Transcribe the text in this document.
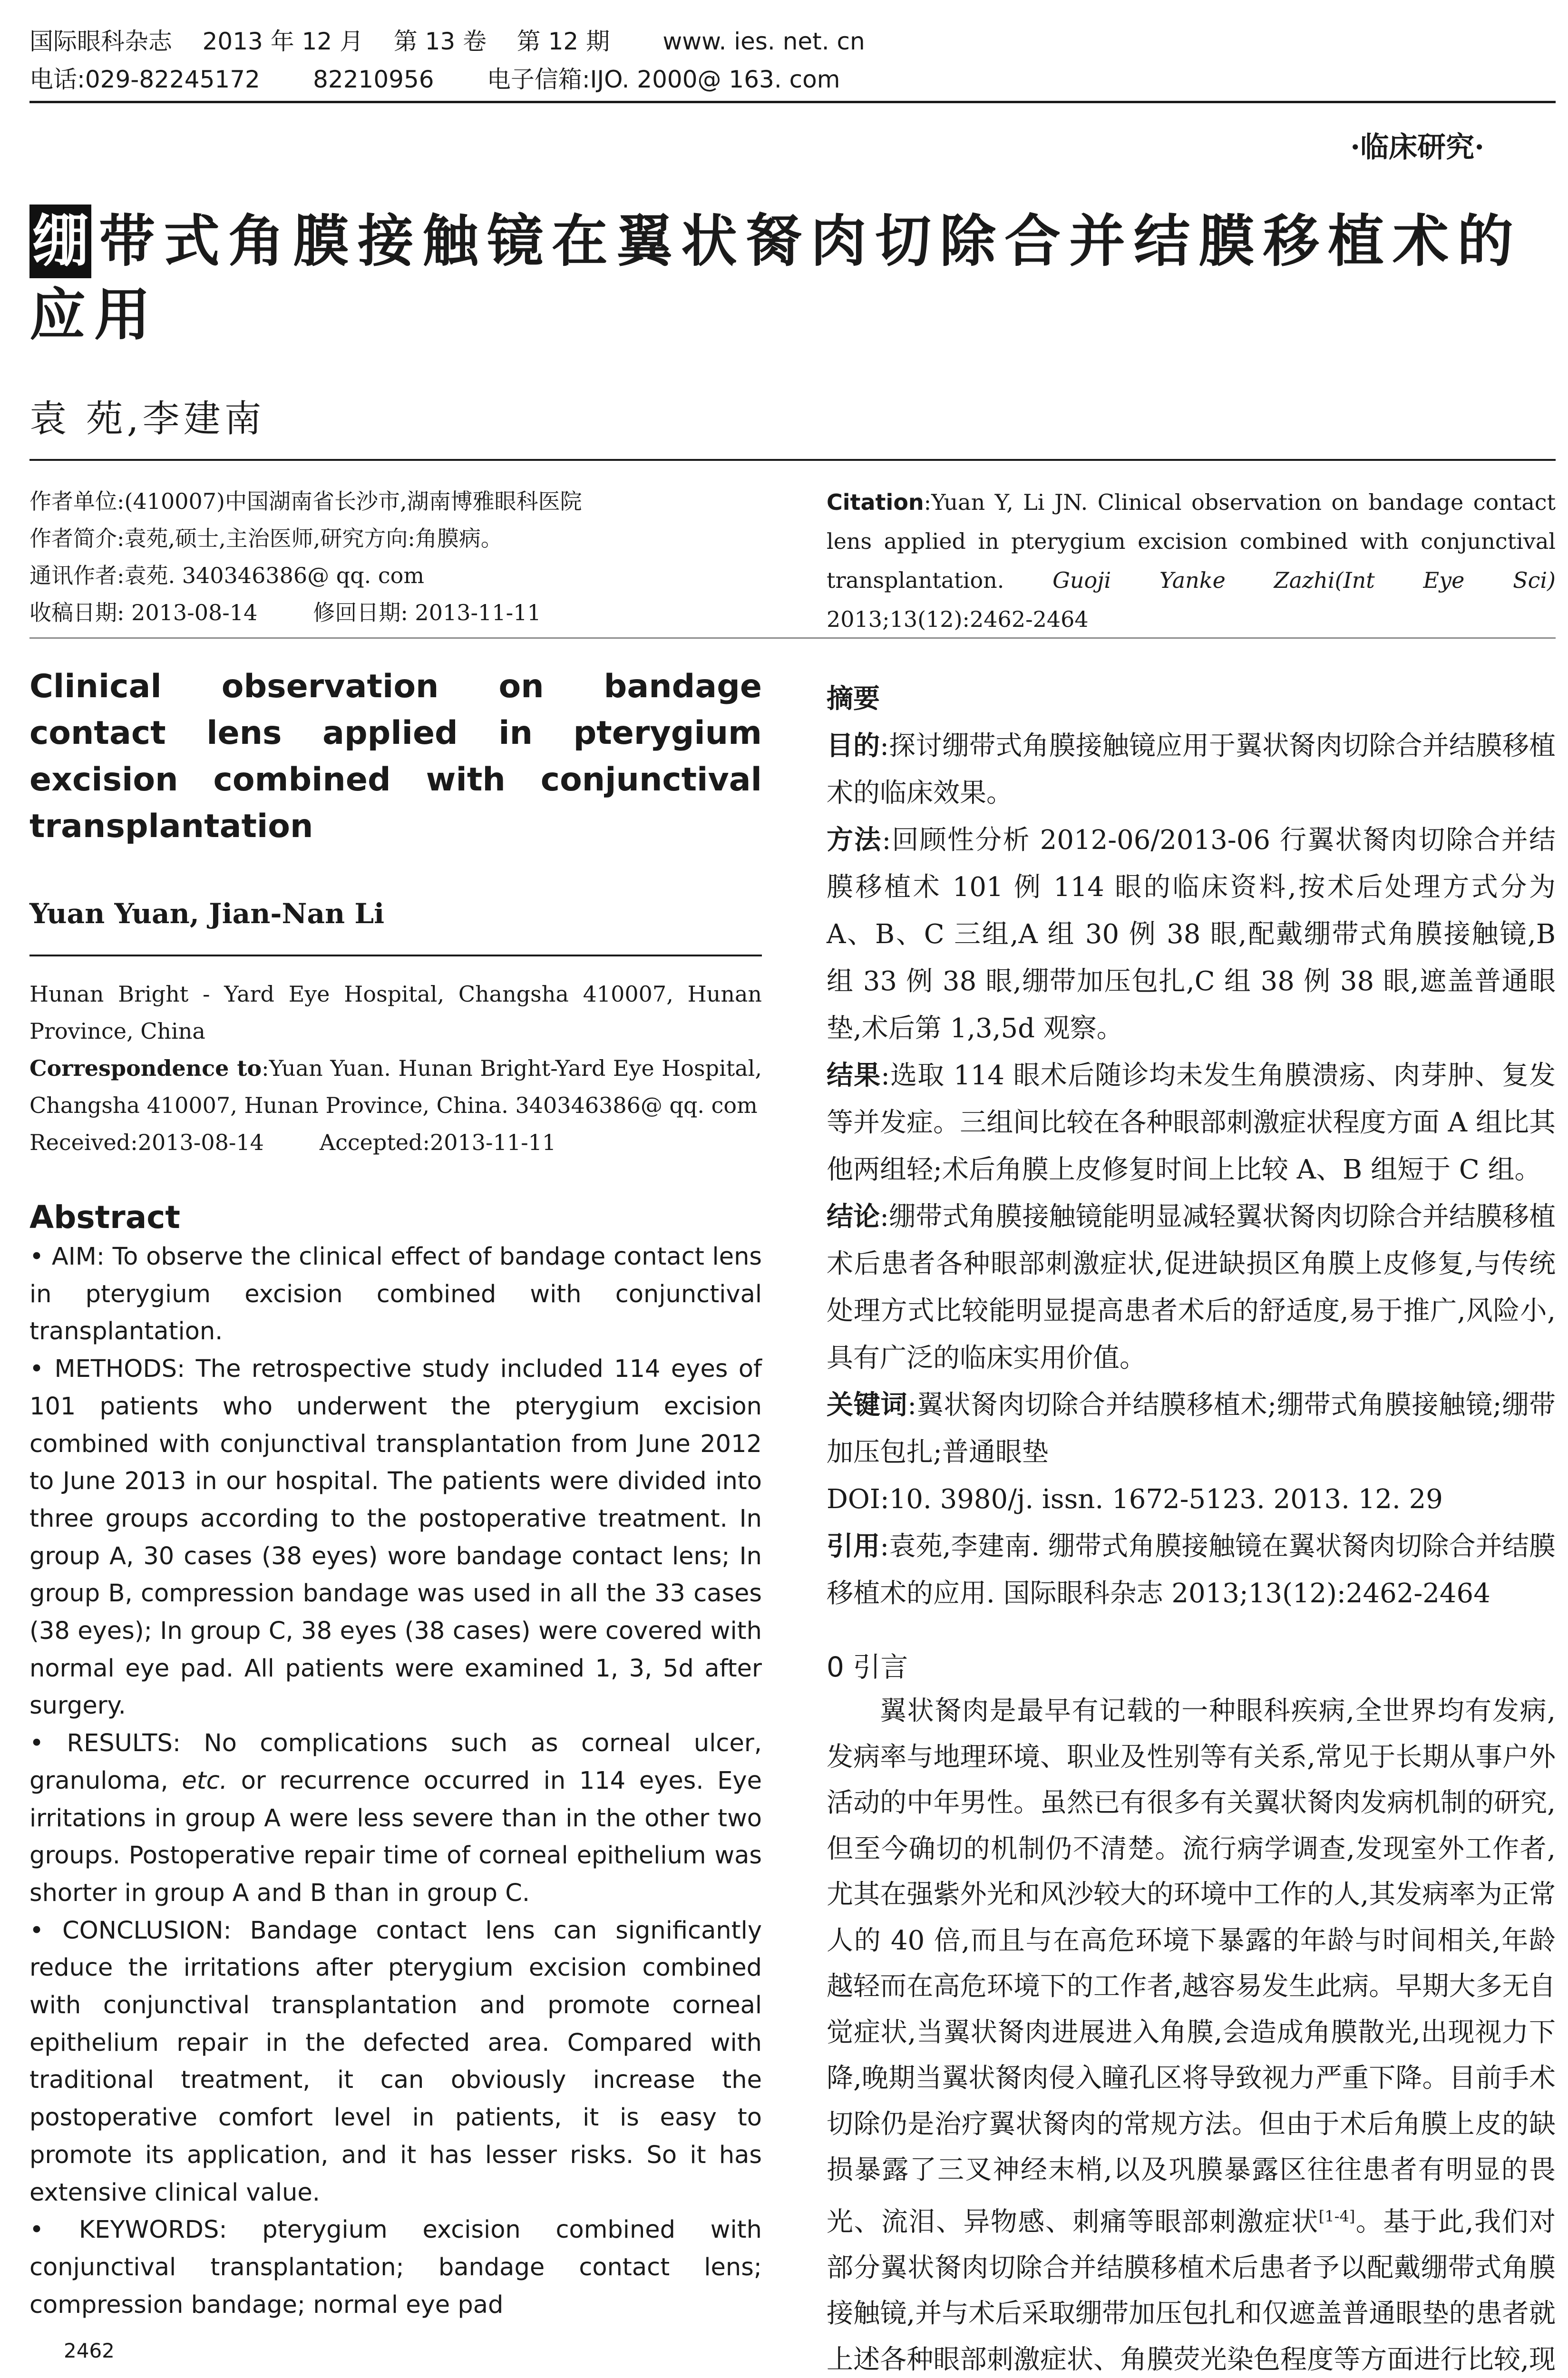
国际眼科杂志    2013 年 12 月    第 13 卷    第 12 期       www. ies. net. cn
电话:029-82245172       82210956       电子信箱:IJO. 2000@ 163. com
·临床研究·
绷 带式角膜接触镜在翼状胬肉切除合并结膜移植术的应用
袁 苑,李建南
作者单位:(410007)中国湖南省长沙市,湖南博雅眼科医院
作者简介:袁苑,硕士,主治医师,研究方向:角膜病。
通讯作者:袁苑. 340346386@ qq. com
收稿日期: 2013-08-14        修回日期: 2013-11-11
Citation:Yuan Y, Li JN. Clinical observation on bandage contact lens applied in pterygium excision combined with conjunctival transplantation. Guoji Yanke Zazhi(Int Eye Sci) 2013;13(12):2462-2464
Clinical observation on bandage contact lens applied in pterygium excision combined with conjunctival transplantation
Yuan Yuan, Jian-Nan Li
Hunan Bright - Yard Eye Hospital, Changsha 410007, Hunan Province, China
Correspondence to:Yuan Yuan. Hunan Bright-Yard Eye Hospital, Changsha 410007, Hunan Province, China. 340346386@ qq. com
Received:2013-08-14        Accepted:2013-11-11
Abstract

• AIM: To observe the clinical effect of bandage contact lens in pterygium excision combined with conjunctival transplantation.

• METHODS: The retrospective study included 114 eyes of 101 patients who underwent the pterygium excision combined with conjunctival transplantation from June 2012 to June 2013 in our hospital. The patients were divided into three groups according to the postoperative treatment. In group A, 30 cases (38 eyes) wore bandage contact lens; In group B, compression bandage was used in all the 33 cases (38 eyes); In group C, 38 eyes (38 cases) were covered with normal eye pad. All patients were examined 1, 3, 5d after surgery.

• RESULTS: No complications such as corneal ulcer, granuloma, etc. or recurrence occurred in 114 eyes. Eye irritations in group A were less severe than in the other two groups. Postoperative repair time of corneal epithelium was shorter in group A and B than in group C.

• CONCLUSION: Bandage contact lens can significantly reduce the irritations after pterygium excision combined with conjunctival transplantation and promote corneal epithelium repair in the defected area. Compared with traditional treatment, it can obviously increase the postoperative comfort level in patients, it is easy to promote its application, and it has lesser risks. So it has extensive clinical value.

• KEYWORDS: pterygium excision combined with conjunctival transplantation; bandage contact lens; compression bandage; normal eye pad

摘要

目的:探讨绷带式角膜接触镜应用于翼状胬肉切除合并结膜移植术的临床效果。

方法:回顾性分析 2012-06/2013-06 行翼状胬肉切除合并结膜移植术 101 例 114 眼的临床资料,按术后处理方式分为 A、B、C 三组,A 组 30 例 38 眼,配戴绷带式角膜接触镜,B 组 33 例 38 眼,绷带加压包扎,C 组 38 例 38 眼,遮盖普通眼垫,术后第 1,3,5d 观察。

结果:选取 114 眼术后随诊均未发生角膜溃疡、肉芽肿、复发等并发症。三组间比较在各种眼部刺激症状程度方面 A 组比其他两组轻;术后角膜上皮修复时间上比较 A、B 组短于 C 组。

结论:绷带式角膜接触镜能明显减轻翼状胬肉切除合并结膜移植术后患者各种眼部刺激症状,促进缺损区角膜上皮修复,与传统处理方式比较能明显提高患者术后的舒适度,易于推广,风险小,具有广泛的临床实用价值。

关键词:翼状胬肉切除合并结膜移植术;绷带式角膜接触镜;绷带加压包扎;普通眼垫

DOI:10. 3980/j. issn. 1672-5123. 2013. 12. 29

引用:袁苑,李建南. 绷带式角膜接触镜在翼状胬肉切除合并结膜移植术的应用. 国际眼科杂志 2013;13(12):2462-2464

0 引言

翼状胬肉是最早有记载的一种眼科疾病,全世界均有发病,发病率与地理环境、职业及性别等有关系,常见于长期从事户外活动的中年男性。虽然已有很多有关翼状胬肉发病机制的研究,但至今确切的机制仍不清楚。流行病学调查,发现室外工作者,尤其在强紫外光和风沙较大的环境中工作的人,其发病率为正常人的 40 倍,而且与在高危环境下暴露的年龄与时间相关,年龄越轻而在高危环境下的工作者,越容易发生此病。早期大多无自觉症状,当翼状胬肉进展进入角膜,会造成角膜散光,出现视力下降,晚期当翼状胬肉侵入瞳孔区将导致视力严重下降。目前手术切除仍是治疗翼状胬肉的常规方法。但由于术后角膜上皮的缺损暴露了三叉神经末梢,以及巩膜暴露区往往患者有明显的畏光、流泪、异物感、刺痛等眼部刺激症状[1-4]。基于此,我们对部分翼状胬肉切除合并结膜移植术后患者予以配戴绷带式角膜接触镜,并与术后采取绷带加压包扎和仅遮盖普通眼垫的患者就上述各种眼部刺激症状、角膜荧光染色程度等方面进行比较,现

2462
